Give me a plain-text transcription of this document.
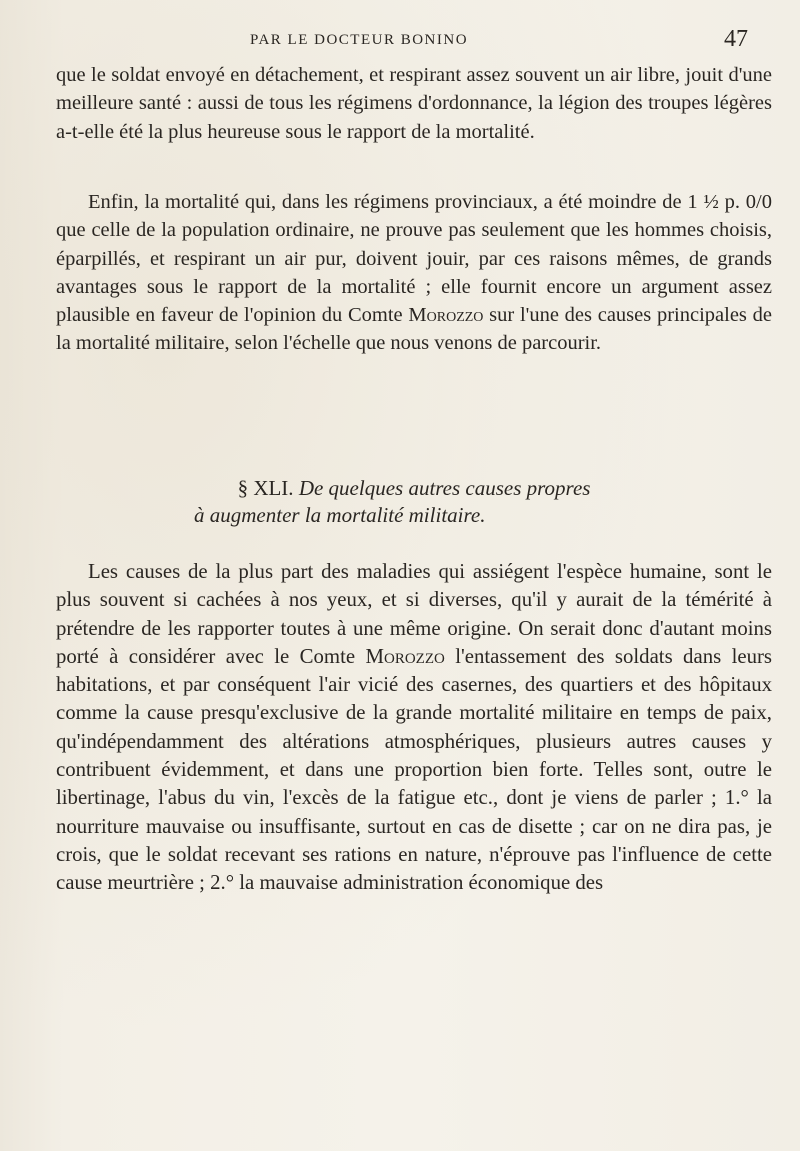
PAR LE DOCTEUR BONINO	47

que le soldat envoyé en détachement, et respirant assez souvent un air libre, jouit d'une meilleure santé : aussi de tous les régimens d'ordonnance, la légion des troupes légères a-t-elle été la plus heureuse sous le rapport de la mortalité.

Enfin, la mortalité qui, dans les régimens provinciaux, a été moindre de 1 ½ p. 0/0 que celle de la population ordinaire, ne prouve pas seulement que les hommes choisis, éparpillés, et respirant un air pur, doivent jouir, par ces raisons mêmes, de grands avantages sous le rapport de la mortalité ; elle fournit encore un argument assez plausible en faveur de l'opinion du Comte Morozzo sur l'une des causes principales de la mortalité militaire, selon l'échelle que nous venons de parcourir.

§ XLI. De quelques autres causes propres
à augmenter la mortalité militaire.

Les causes de la plus part des maladies qui assiégent l'espèce humaine, sont le plus souvent si cachées à nos yeux, et si diverses, qu'il y aurait de la témérité à prétendre de les rapporter toutes à une même origine. On serait donc d'autant moins porté à considérer avec le Comte Morozzo l'entassement des soldats dans leurs habitations, et par conséquent l'air vicié des casernes, des quartiers et des hôpitaux comme la cause presqu'exclusive de la grande mortalité militaire en temps de paix, qu'indépendamment des altérations atmosphériques, plusieurs autres causes y contribuent évidemment, et dans une proportion bien forte. Telles sont, outre le libertinage, l'abus du vin, l'excès de la fatigue etc., dont je viens de parler ; 1.° la nourriture mauvaise ou insuffisante, surtout en cas de disette ; car on ne dira pas, je crois, que le soldat recevant ses rations en nature, n'éprouve pas l'influence de cette cause meurtrière ; 2.° la mauvaise administration économique des
